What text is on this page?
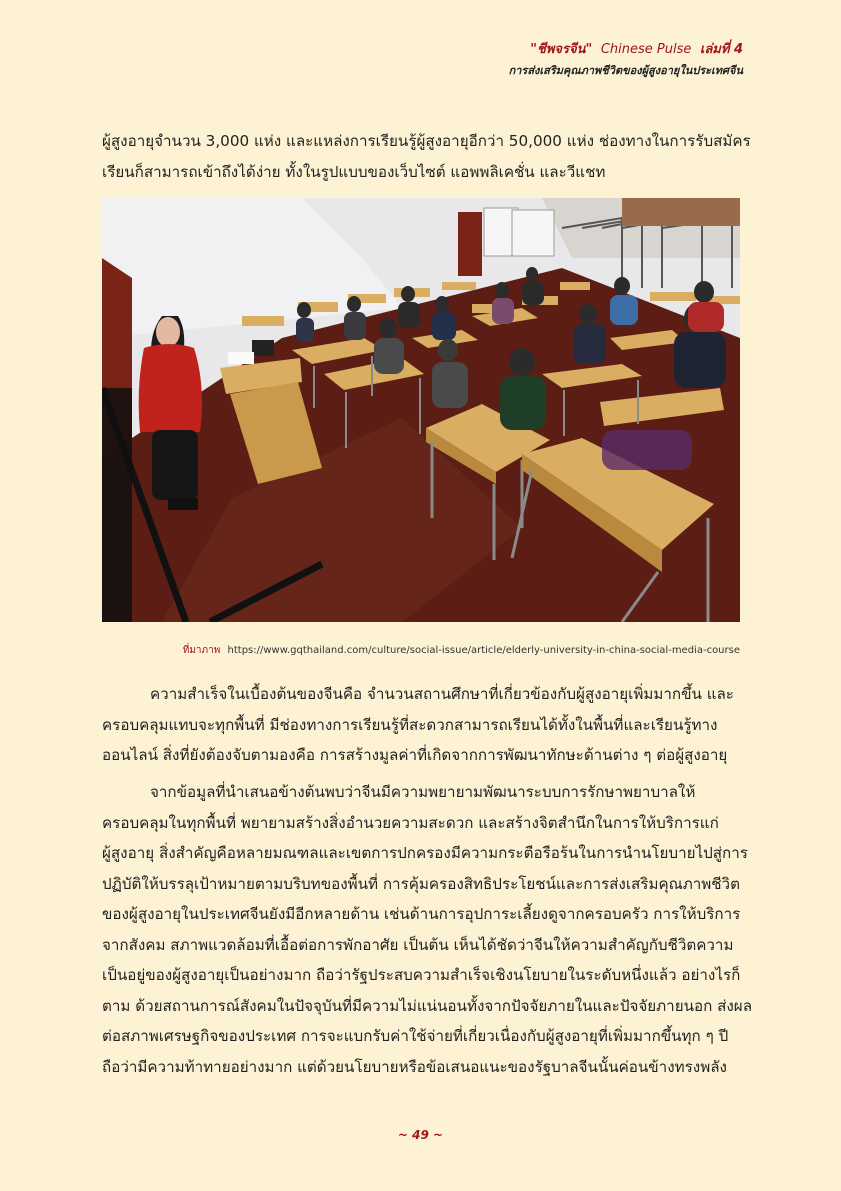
"ชีพจรจีน" Chinese Pulse เล่มที่ 4
การส่งเสริมคุณภาพชีวิตของผู้สูงอายุในประเทศจีน
ผู้สูงอายุจำนวน 3,000 แห่ง และแหล่งการเรียนรู้ผู้สูงอายุอีกว่า 50,000 แห่ง ช่องทางในการรับสมัคร
เรียนก็สามารถเข้าถึงได้ง่าย ทั้งในรูปแบบของเว็บไซต์ แอพพลิเคชั่น และวีแชท
ที่มาภาพ https://www.gqthailand.com/culture/social-issue/article/elderly-university-in-china-social-media-course
ความสำเร็จในเบื้องต้นของจีนคือ จำนวนสถานศึกษาที่เกี่ยวข้องกับผู้สูงอายุเพิ่มมากขึ้น และ
ครอบคลุมแทบจะทุกพื้นที่ มีช่องทางการเรียนรู้ที่สะดวกสามารถเรียนได้ทั้งในพื้นที่และเรียนรู้ทาง
ออนไลน์ สิ่งที่ยังต้องจับตามองคือ การสร้างมูลค่าที่เกิดจากการพัฒนาทักษะด้านต่าง ๆ ต่อผู้สูงอายุ
จากข้อมูลที่นำเสนอข้างต้นพบว่าจีนมีความพยายามพัฒนาระบบการรักษาพยาบาลให้
ครอบคลุมในทุกพื้นที่ พยายามสร้างสิ่งอำนวยความสะดวก และสร้างจิตสำนึกในการให้บริการแก่
ผู้สูงอายุ สิ่งสำคัญคือหลายมณฑลและเขตการปกครองมีความกระตือรือร้นในการนำนโยบายไปสู่การ
ปฏิบัติให้บรรลุเป้าหมายตามบริบทของพื้นที่ การคุ้มครองสิทธิประโยชน์และการส่งเสริมคุณภาพชีวิต
ของผู้สูงอายุในประเทศจีนยังมีอีกหลายด้าน เช่นด้านการอุปการะเลี้ยงดูจากครอบครัว การให้บริการ
จากสังคม สภาพแวดล้อมที่เอื้อต่อการพักอาศัย เป็นต้น เห็นได้ชัดว่าจีนให้ความสำคัญกับชีวิตความ
เป็นอยู่ของผู้สูงอายุเป็นอย่างมาก ถือว่ารัฐประสบความสำเร็จเชิงนโยบายในระดับหนึ่งแล้ว อย่างไรก็
ตาม ด้วยสถานการณ์สังคมในปัจจุบันที่มีความไม่แน่นอนทั้งจากปัจจัยภายในและปัจจัยภายนอก ส่งผล
ต่อสภาพเศรษฐกิจของประเทศ การจะแบกรับค่าใช้จ่ายที่เกี่ยวเนื่องกับผู้สูงอายุที่เพิ่มมากขึ้นทุก ๆ ปี
ถือว่ามีความท้าทายอย่างมาก แต่ด้วยนโยบายหรือข้อเสนอแนะของรัฐบาลจีนนั้นค่อนข้างทรงพลัง
~ 49 ~
